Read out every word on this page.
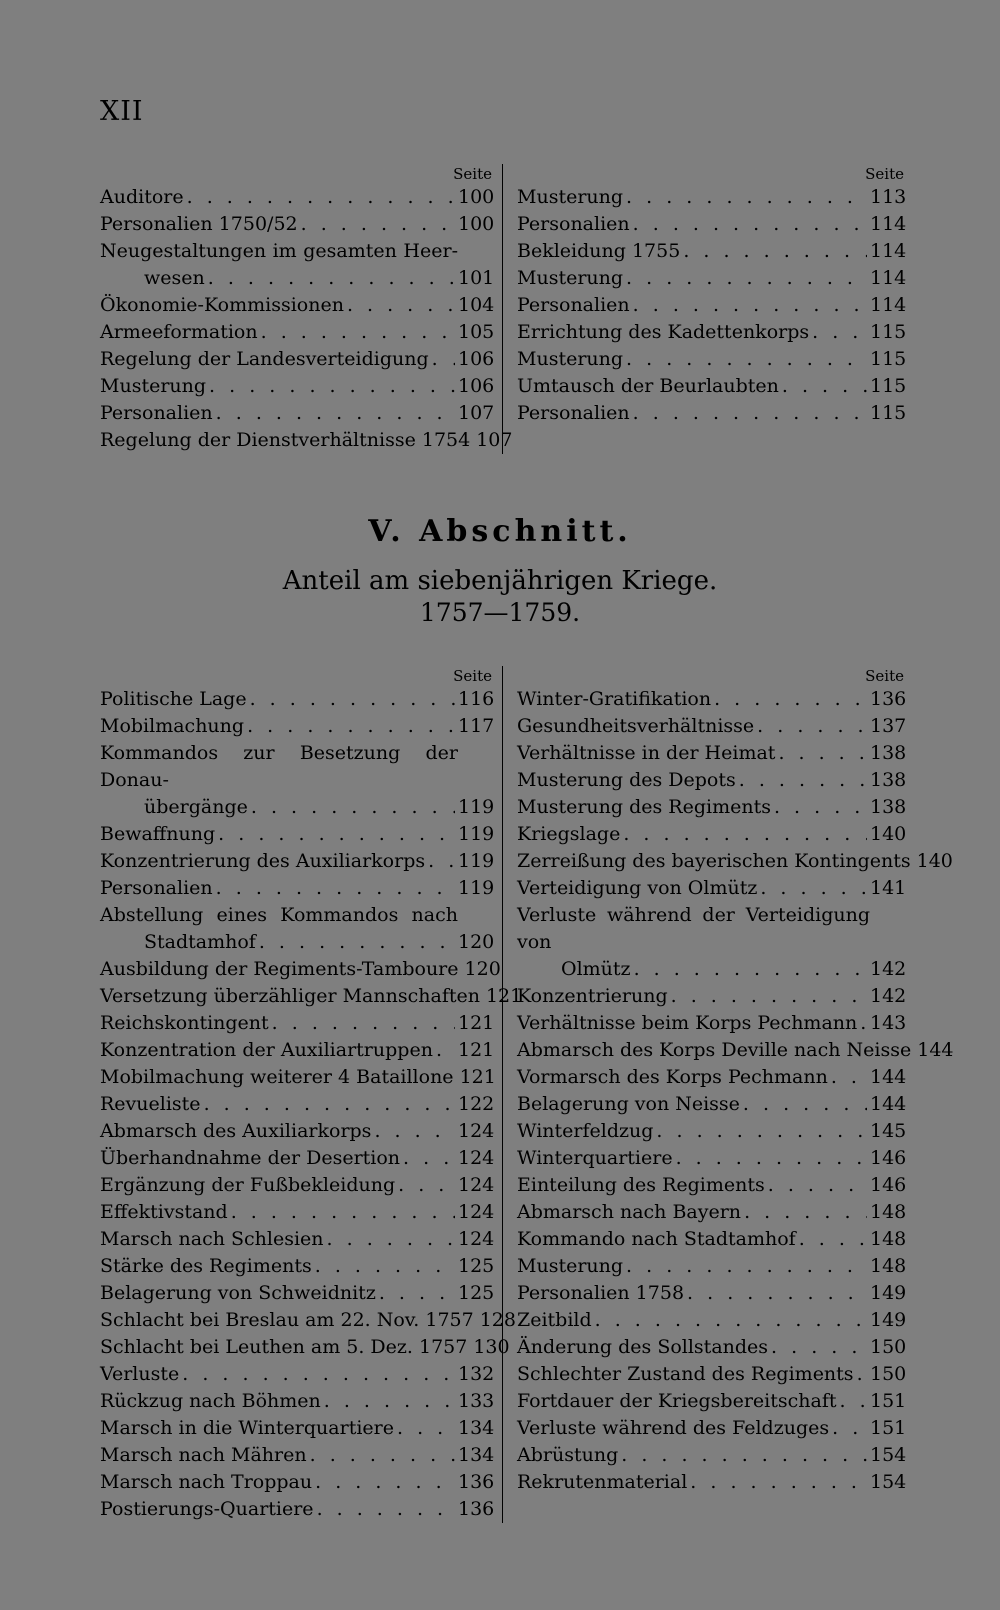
XII
Seite
Auditore . . .	100
Personalien 1750/52 . . .	100
Neugestaltungen im gesamten Heer-
wesen . . .	101
Ökonomie-Kommissionen . . .	104
Armeeformation . . .	105
Regelung der Landesverteidigung . . . 106
Musterung . . .	106
Personalien . . .	107
Regelung der Dienstverhältnisse 1754 107
Seite
Musterung . . .	113
Personalien . . .	114
Bekleidung 1755 . . .	114
Musterung . . .	114
Personalien . . .	114
Errichtung des Kadettenkorps . . .	115
Musterung . . .	115
Umtausch der Beurlaubten . . .	115
Personalien . . .	115
V. Abschnitt.
Anteil am siebenjährigen Kriege.
1757—1759.
Seite
Politische Lage . . .	116
Mobilmachung . . .	117
Kommandos zur Besetzung der Donau-
übergänge . . .	119
Bewaffnung . . .	119
Konzentrierung des Auxiliarkorps . . . 119
Personalien . . .	119
Abstellung eines Kommandos nach
Stadtamhof . . .	120
Ausbildung der Regiments-Tamboure 120
Versetzung überzähliger Mannschaften 121
Reichskontingent . . .	121
Konzentration der Auxiliartruppen . . . 121
Mobilmachung weiterer 4 Bataillone 121
Revueliste . . .	122
Abmarsch des Auxiliarkorps . . .	124
Überhandnahme der Desertion . . .	124
Ergänzung der Fußbekleidung . . .	124
Effektivstand . . .	124
Marsch nach Schlesien . . .	124
Stärke des Regiments . . .	125
Belagerung von Schweidnitz . . .	125
Schlacht bei Breslau am 22. Nov. 1757 128
Schlacht bei Leuthen am 5. Dez. 1757 130
Verluste . . .	132
Rückzug nach Böhmen . . .	133
Marsch in die Winterquartiere . . .	134
Marsch nach Mähren . . .	134
Marsch nach Troppau . . .	136
Postierungs-Quartiere . . .	136
Seite
Winter-Gratifikation . . .	136
Gesundheitsverhältnisse . . .	137
Verhältnisse in der Heimat . . .	138
Musterung des Depots . . .	138
Musterung des Regiments . . .	138
Kriegslage . . .	140
Zerreißung des bayerischen Kontingents 140
Verteidigung von Olmütz . . .	141
Verluste während der Verteidigung von
Olmütz . . .	142
Konzentrierung . . .	142
Verhältnisse beim Korps Pechmann . . . 143
Abmarsch des Korps Deville nach Neisse 144
Vormarsch des Korps Pechmann . . . 144
Belagerung von Neisse . . .	144
Winterfeldzug . . .	145
Winterquartiere . . .	146
Einteilung des Regiments . . .	146
Abmarsch nach Bayern . . .	148
Kommando nach Stadtamhof . . .	148
Musterung . . .	148
Personalien 1758 . . .	149
Zeitbild . . .	149
Änderung des Sollstandes . . .	150
Schlechter Zustand des Regiments . . . 150
Fortdauer der Kriegsbereitschaft . . . 151
Verluste während des Feldzuges . . . 151
Abrüstung . . .	154
Rekrutenmaterial . . .	154
